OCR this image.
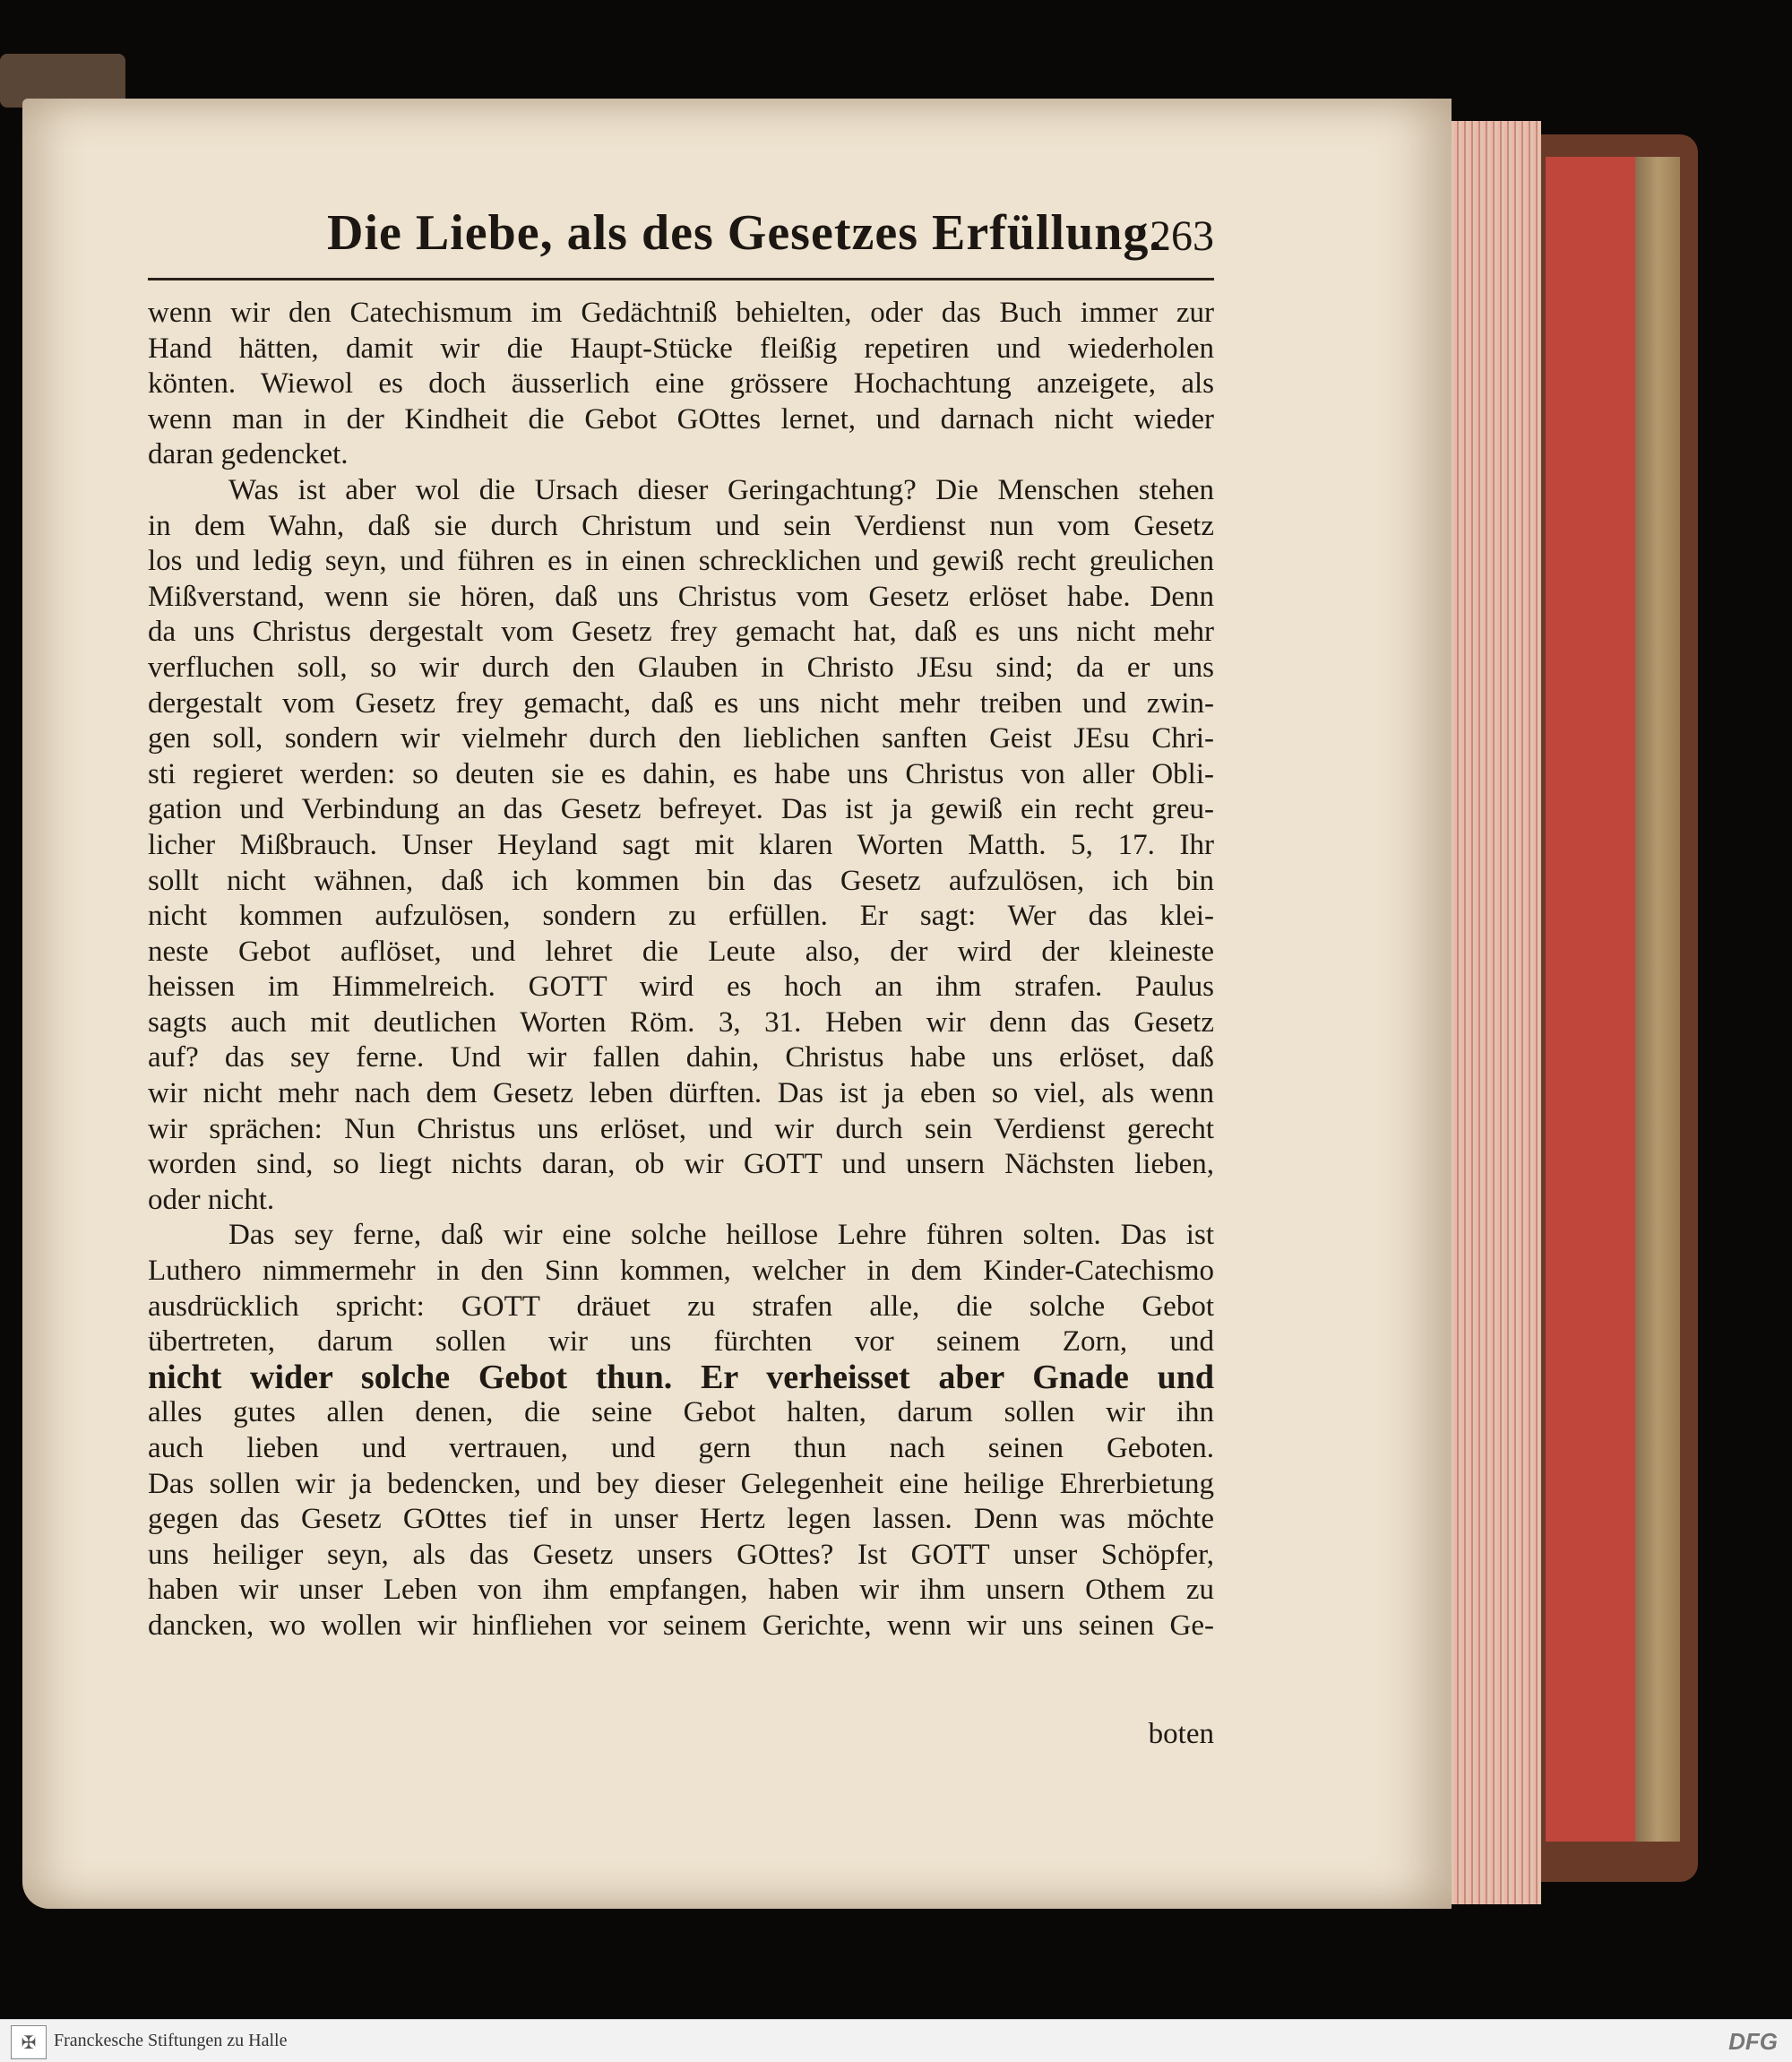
Die Liebe, als des Gesetzes Erfüllung.
263
wenn wir den Catechismum im Gedächtniß behielten, oder das Buch immer zur
Hand hätten, damit wir die Haupt-Stücke fleißig repetiren und wiederholen
könten. Wiewol es doch äusserlich eine grössere Hochachtung anzeigete, als
wenn man in der Kindheit die Gebot GOttes lernet, und darnach nicht wieder
daran gedencket.
Was ist aber wol die Ursach dieser Geringachtung? Die Menschen stehen
in dem Wahn, daß sie durch Christum und sein Verdienst nun vom Gesetz
los und ledig seyn, und führen es in einen schrecklichen und gewiß recht greulichen
Mißverstand, wenn sie hören, daß uns Christus vom Gesetz erlöset habe. Denn
da uns Christus dergestalt vom Gesetz frey gemacht hat, daß es uns nicht mehr
verfluchen soll, so wir durch den Glauben in Christo JEsu sind; da er uns
dergestalt vom Gesetz frey gemacht, daß es uns nicht mehr treiben und zwin-
gen soll, sondern wir vielmehr durch den lieblichen sanften Geist JEsu Chri-
sti regieret werden: so deuten sie es dahin, es habe uns Christus von aller Obli-
gation und Verbindung an das Gesetz befreyet. Das ist ja gewiß ein recht greu-
licher Mißbrauch. Unser Heyland sagt mit klaren Worten Matth. 5, 17. Ihr
sollt nicht wähnen, daß ich kommen bin das Gesetz aufzulösen, ich bin
nicht kommen aufzulösen, sondern zu erfüllen. Er sagt: Wer das klei-
neste Gebot auflöset, und lehret die Leute also, der wird der kleineste
heissen im Himmelreich. GOTT wird es hoch an ihm strafen. Paulus
sagts auch mit deutlichen Worten Röm. 3, 31. Heben wir denn das Gesetz
auf? das sey ferne. Und wir fallen dahin, Christus habe uns erlöset, daß
wir nicht mehr nach dem Gesetz leben dürften. Das ist ja eben so viel, als wenn
wir sprächen: Nun Christus uns erlöset, und wir durch sein Verdienst gerecht
worden sind, so liegt nichts daran, ob wir GOTT und unsern Nächsten lieben,
oder nicht.
Das sey ferne, daß wir eine solche heillose Lehre führen solten. Das ist
Luthero nimmermehr in den Sinn kommen, welcher in dem Kinder-Catechismo
ausdrücklich spricht: GOTT dräuet zu strafen alle, die solche Gebot
übertreten, darum sollen wir uns fürchten vor seinem Zorn, und
nicht wider solche Gebot thun. Er verheisset aber Gnade und
alles gutes allen denen, die seine Gebot halten, darum sollen wir ihn
auch lieben und vertrauen, und gern thun nach seinen Geboten.
Das sollen wir ja bedencken, und bey dieser Gelegenheit eine heilige Ehrerbietung
gegen das Gesetz GOttes tief in unser Hertz legen lassen. Denn was möchte
uns heiliger seyn, als das Gesetz unsers GOttes? Ist GOTT unser Schöpfer,
haben wir unser Leben von ihm empfangen, haben wir ihm unsern Othem zu
dancken, wo wollen wir hinfliehen vor seinem Gerichte, wenn wir uns seinen Ge-
boten
✠ Franckesche Stiftungen zu Halle	DFG
